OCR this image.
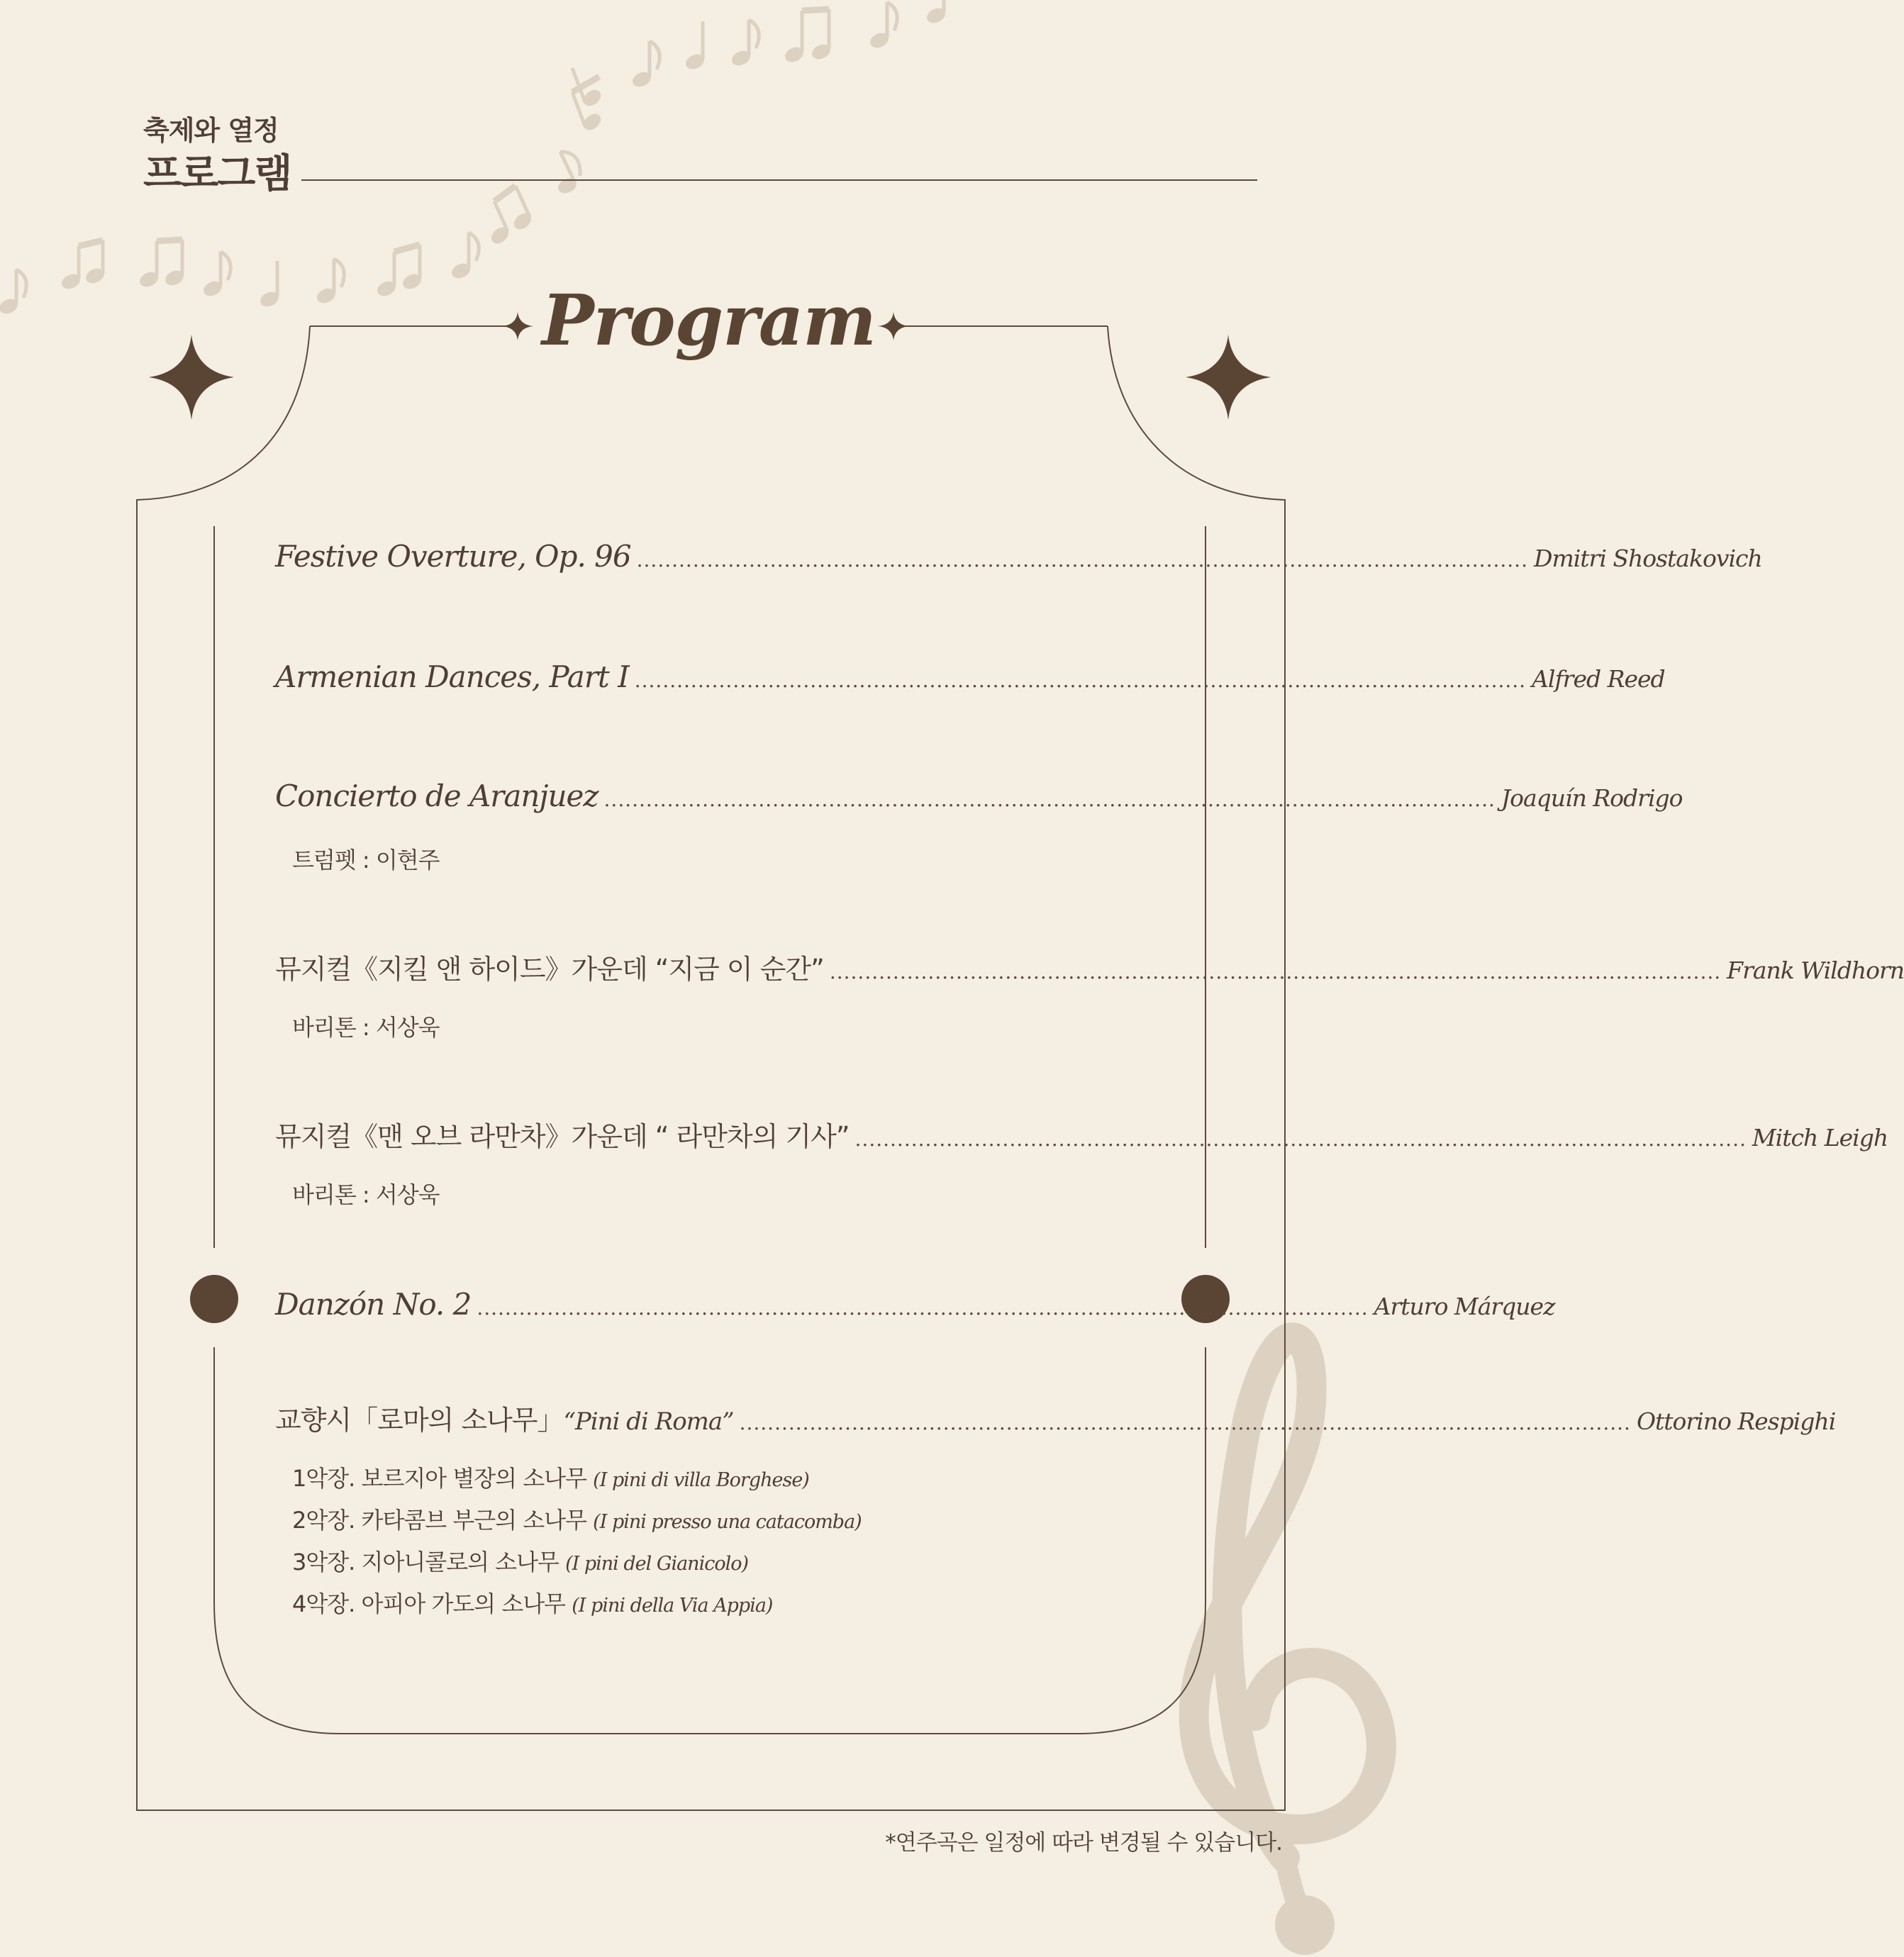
축제와 열정
프로그램
Program
Festive Overture, Op. 96 ............................................................................................................................... Dmitri Shostakovich
Armenian Dances, Part I ............................................................................................................................... Alfred Reed
Concierto de Aranjuez ............................................................................................................................... Joaquín Rodrigo
트럼펫 : 이현주
뮤지컬《지킬 앤 하이드》가운데 “지금 이 순간” ............................................................................................................................... Frank Wildhorn
바리톤 : 서상욱
뮤지컬《맨 오브 라만차》가운데 “ 라만차의 기사” ............................................................................................................................... Mitch Leigh
바리톤 : 서상욱
Danzón No. 2 ............................................................................................................................... Arturo Márquez
교향시「로마의 소나무」“Pini di Roma” ............................................................................................................................... Ottorino Respighi
1악장. 보르지아 별장의 소나무 (I pini di villa Borghese)
2악장. 카타콤브 부근의 소나무 (I pini presso una catacomba)
3악장. 지아니콜로의 소나무 (I pini del Gianicolo)
4악장. 아피아 가도의 소나무 (I pini della Via Appia)
*연주곡은 일정에 따라 변경될 수 있습니다.
